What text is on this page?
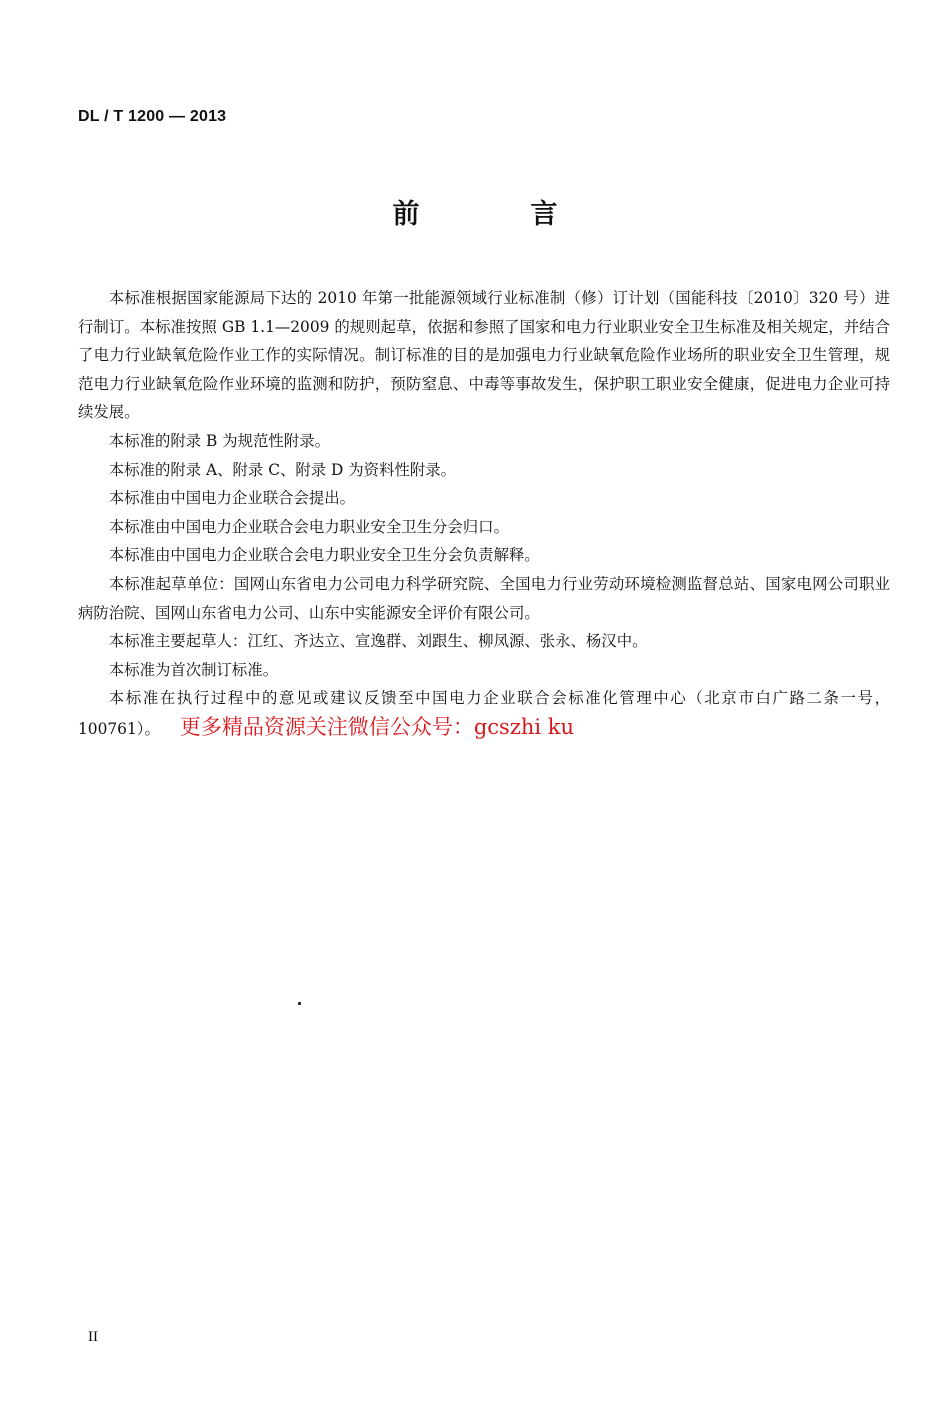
DL / T 1200 — 2013
前　言

本标准根据国家能源局下达的 2010 年第一批能源领域行业标准制（修）订计划（国能科技〔2010〕320 号）进行制订。本标准按照 GB 1.1—2009 的规则起草，依据和参照了国家和电力行业职业安全卫生标准及相关规定，并结合了电力行业缺氧危险作业工作的实际情况。制订标准的目的是加强电力行业缺氧危险作业场所的职业安全卫生管理，规范电力行业缺氧危险作业环境的监测和防护，预防窒息、中毒等事故发生，保护职工职业安全健康，促进电力企业可持续发展。

本标准的附录 B 为规范性附录。

本标准的附录 A、附录 C、附录 D 为资料性附录。

本标准由中国电力企业联合会提出。

本标准由中国电力企业联合会电力职业安全卫生分会归口。

本标准由中国电力企业联合会电力职业安全卫生分会负责解释。

本标准起草单位：国网山东省电力公司电力科学研究院、全国电力行业劳动环境检测监督总站、国家电网公司职业病防治院、国网山东省电力公司、山东中实能源安全评价有限公司。

本标准主要起草人：江红、齐达立、宣逸群、刘跟生、柳凤源、张永、杨汉中。

本标准为首次制订标准。

本标准在执行过程中的意见或建议反馈至中国电力企业联合会标准化管理中心（北京市白广路二条一号，100761）。 更多精品资源关注微信公众号：gcszhi ku

II
